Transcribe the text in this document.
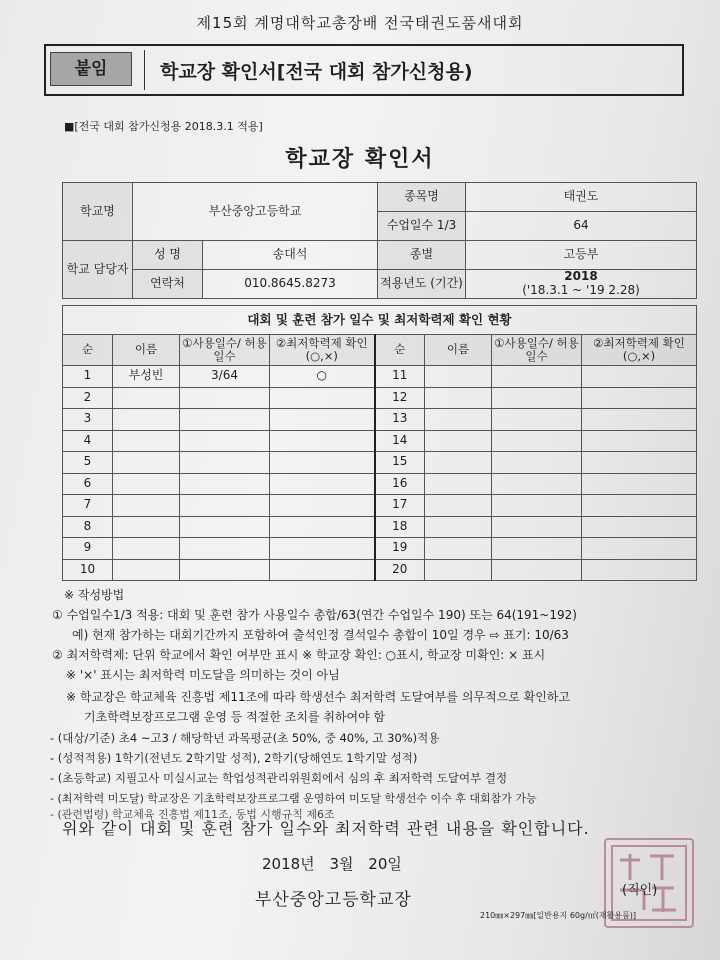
제15회 계명대학교총장배 전국태권도품새대회
붙임	학교장 확인서[전국 대회 참가신청용)
■[전국 대회 참가신청용 2018.3.1 적용]
학교장 확인서
학교명	부산중앙고등학교		종목명	태권도
			수업일수 1/3	64
학교 담당자	성 명	송대석	종별	고등부
	연락처	010.8645.8273	적용년도 (기간)	2018
('18.3.1 ~ '19 2.28)
대회 및 훈련 참가 일수 및 최저학력제 확인 현황							
순	이름	①사용일수/ 허용일수	②최저학력제 확인(○,×)	순	이름	①사용일수/ 허용일수	②최저학력제 확인(○,×)
1	부성빈	3/64	○	11			
2				12			
3				13			
4				14			
5				15			
6				16			
7				17			
8				18			
9				19			
10				20			
※ 작성방법
① 수업일수1/3 적용: 대회 및 훈련 참가 사용일수 총합/63(연간 수업일수 190) 또는 64(191~192)
예) 현재 참가하는 대회기간까지 포함하여 출석인정 결석일수 총합이 10일 경우 ⇨ 표기: 10/63
② 최저학력제: 단위 학교에서 확인 여부만 표시 ※ 학교장 확인: ○표시, 학교장 미확인: × 표시
※ '×' 표시는 최저학력 미도달을 의미하는 것이 아님
※ 학교장은 학교체육 진흥법 제11조에 따라 학생선수 최저학력 도달여부를 의무적으로 확인하고
기초학력보장프로그램 운영 등 적절한 조치를 취하여야 함
- (대상/기준) 초4 ~고3 / 해당학년 과목평균(초 50%, 중 40%, 고 30%)적용
- (성적적용) 1학기(전년도 2학기말 성적), 2학기(당해연도 1학기말 성적)
- (초등학교) 지필고사 미실시교는 학업성적관리위원회에서 심의 후 최저학력 도달여부 결정
- (최저학력 미도달) 학교장은 기초학력보장프로그램 운영하여 미도달 학생선수 이수 후 대회참가 가능
- (관련법령) 학교체육 진흥법 제11조, 동법 시행규칙 제6조
위와 같이 대회 및 훈련 참가 일수와 최저학력 관련 내용을 확인합니다.
2018년 3월 20일
부산중앙고등학교장	(직인)
210㎜×297㎜[일반용지 60g/㎡(재활용품)]
